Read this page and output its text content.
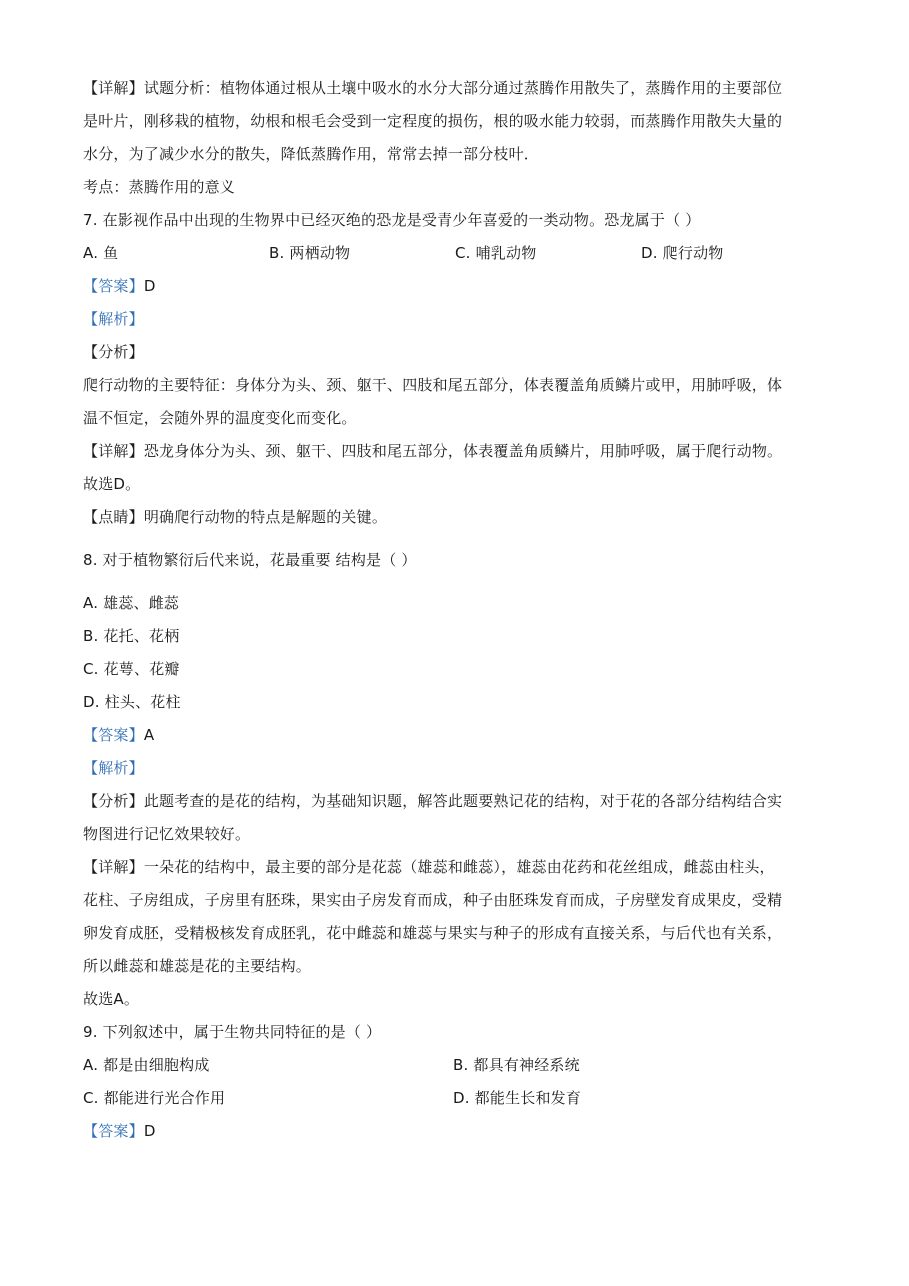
【详解】试题分析：植物体通过根从土壤中吸水的水分大部分通过蒸腾作用散失了，蒸腾作用的主要部位
是叶片，刚移栽的植物，幼根和根毛会受到一定程度的损伤，根的吸水能力较弱，而蒸腾作用散失大量的
水分，为了减少水分的散失，降低蒸腾作用，常常去掉一部分枝叶．
考点：蒸腾作用的意义
7. 在影视作品中出现的生物界中已经灭绝的恐龙是受青少年喜爱的一类动物。恐龙属于（ ）
A. 鱼	B. 两栖动物	C. 哺乳动物	D. 爬行动物
【答案】D
【解析】
【分析】
爬行动物的主要特征：身体分为头、颈、躯干、四肢和尾五部分，体表覆盖角质鳞片或甲，用肺呼吸，体
温不恒定，会随外界的温度变化而变化。
【详解】恐龙身体分为头、颈、躯干、四肢和尾五部分，体表覆盖角质鳞片，用肺呼吸，属于爬行动物。
故选D。
【点睛】明确爬行动物的特点是解题的关键。
8. 对于植物繁衍后代来说，花最重要 结构是（ ）
A. 雄蕊、雌蕊
B. 花托、花柄
C. 花萼、花瓣
D. 柱头、花柱
【答案】A
【解析】
【分析】此题考查的是花的结构，为基础知识题，解答此题要熟记花的结构，对于花的各部分结构结合实
物图进行记忆效果较好。
【详解】一朵花的结构中，最主要的部分是花蕊（雄蕊和雌蕊），雄蕊由花药和花丝组成，雌蕊由柱头，
花柱、子房组成，子房里有胚珠，果实由子房发育而成，种子由胚珠发育而成，子房壁发育成果皮，受精
卵发育成胚，受精极核发育成胚乳，花中雌蕊和雄蕊与果实与种子的形成有直接关系，与后代也有关系，
所以雌蕊和雄蕊是花的主要结构。
故选A。
9. 下列叙述中，属于生物共同特征的是（ ）
A. 都是由细胞构成	B. 都具有神经系统
C. 都能进行光合作用	D. 都能生长和发育
【答案】D
